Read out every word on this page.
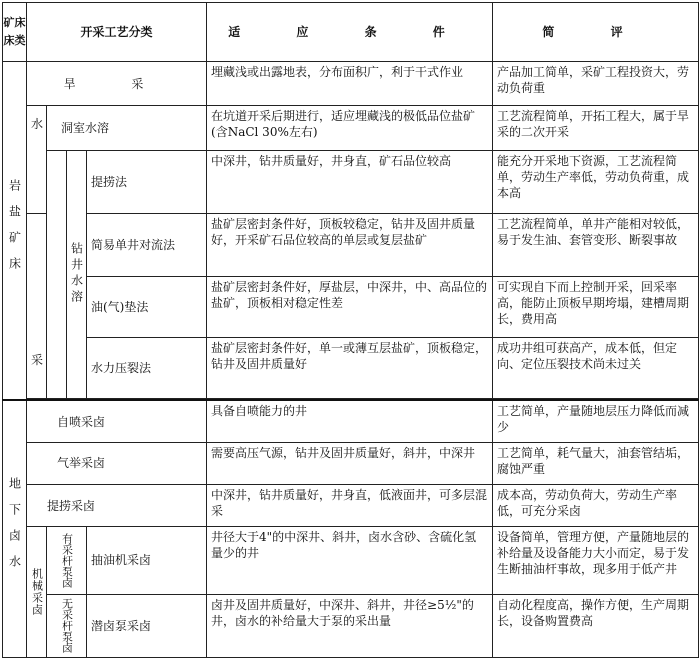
矿床床类	开采工艺分类				适 应 条 件	简 评
岩盐矿床	旱 采				埋藏浅或出露地表，分布面积广，利于干式作业	产品加工简单，采矿工程投资大，劳动负荷重
	水	洞室水溶			在坑道开采后期进行，适应埋藏浅的极低品位盐矿(含NaCl 30%左右)	工艺流程简单，开拓工程大，属于旱采的二次开采
			钻井水溶	提捞法	中深井，钻井质量好，井身直，矿石品位较高	能充分开采地下资源，工艺流程简单，劳动生产率低，劳动负荷重，成本高
	采			简易单井对流法	盐矿层密封条件好，顶板较稳定，钻井及固井质量好，开采矿石品位较高的单层或复层盐矿	工艺流程简单，单井产能相对较低，易于发生油、套管变形、断裂事故
				油(气)垫法	盐矿层密封条件好，厚盐层，中深井，中、高品位的盐矿，顶板相对稳定性差	可实现自下而上控制开采，回采率高，能防止顶板早期垮塌，建槽周期长，费用高
				水力压裂法	盐矿层密封条件好，单一或薄互层盐矿，顶板稳定，钻井及固井质量好	成功井组可获高产，成本低，但定向、定位压裂技术尚未过关

地下卤水	自喷采卤				具备自喷能力的井	工艺简单，产量随地层压力降低而减少
	气举采卤				需要高压气源，钻井及固井质量好，斜井，中深井	工艺简单，耗气量大，油套管结垢，腐蚀严重
	提捞采卤				中深井，钻井质量好，井身直，低液面井，可多层混采	成本高，劳动负荷大，劳动生产率低，可充分采卤
	机械采卤	有采杆泵卤		抽油机采卤	井径大于4"的中深井、斜井，卤水含砂、含硫化氢量少的井	设备简单，管理方便，产量随地层的补给量及设备能力大小而定，易于发生断抽油杆事故，现多用于低产井
		无采杆泵卤		潜卤泵采卤	卤井及固井质量好，中深井、斜井，井径≥5½"的井，卤水的补给量大于泵的采出量	自动化程度高，操作方便，生产周期长，设备购置费高
